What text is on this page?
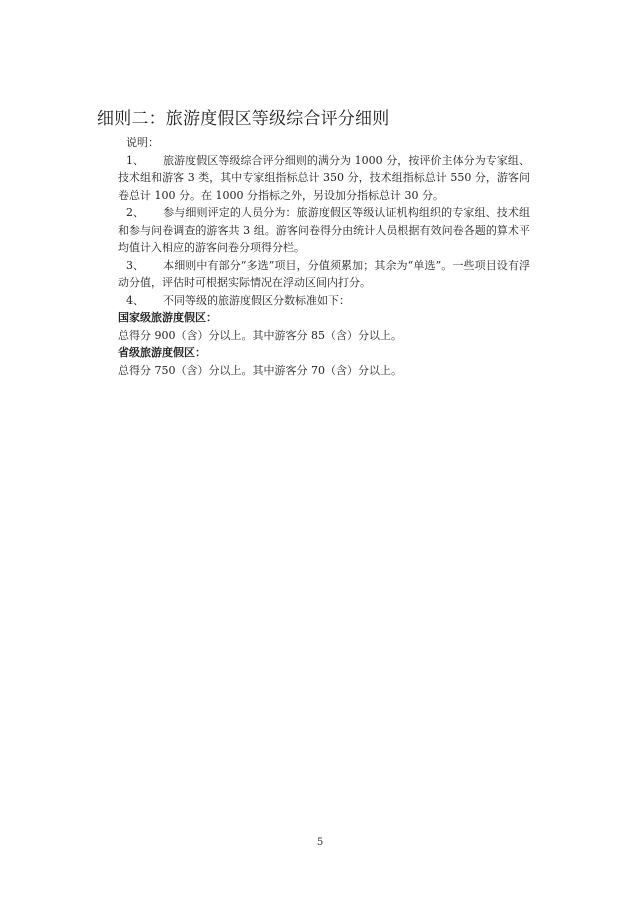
细则二：旅游度假区等级综合评分细则

说明：

1、 旅游度假区等级综合评分细则的满分为 1000 分，按评价主体分为专家组、技术组和游客 3 类，其中专家组指标总计 350 分，技术组指标总计 550 分，游客问卷总计 100 分。在 1000 分指标之外，另设加分指标总计 30 分。

2、 参与细则评定的人员分为：旅游度假区等级认证机构组织的专家组、技术组和参与问卷调查的游客共 3 组。游客问卷得分由统计人员根据有效问卷各题的算术平均值计入相应的游客问卷分项得分栏。

3、 本细则中有部分“多选”项目，分值须累加；其余为“单选”。一些项目设有浮动分值，评估时可根据实际情况在浮动区间内打分。

4、 不同等级的旅游度假区分数标准如下：

国家级旅游度假区：

总得分 900（含）分以上。其中游客分 85（含）分以上。

省级旅游度假区：

总得分 750（含）分以上。其中游客分 70（含）分以上。

5
